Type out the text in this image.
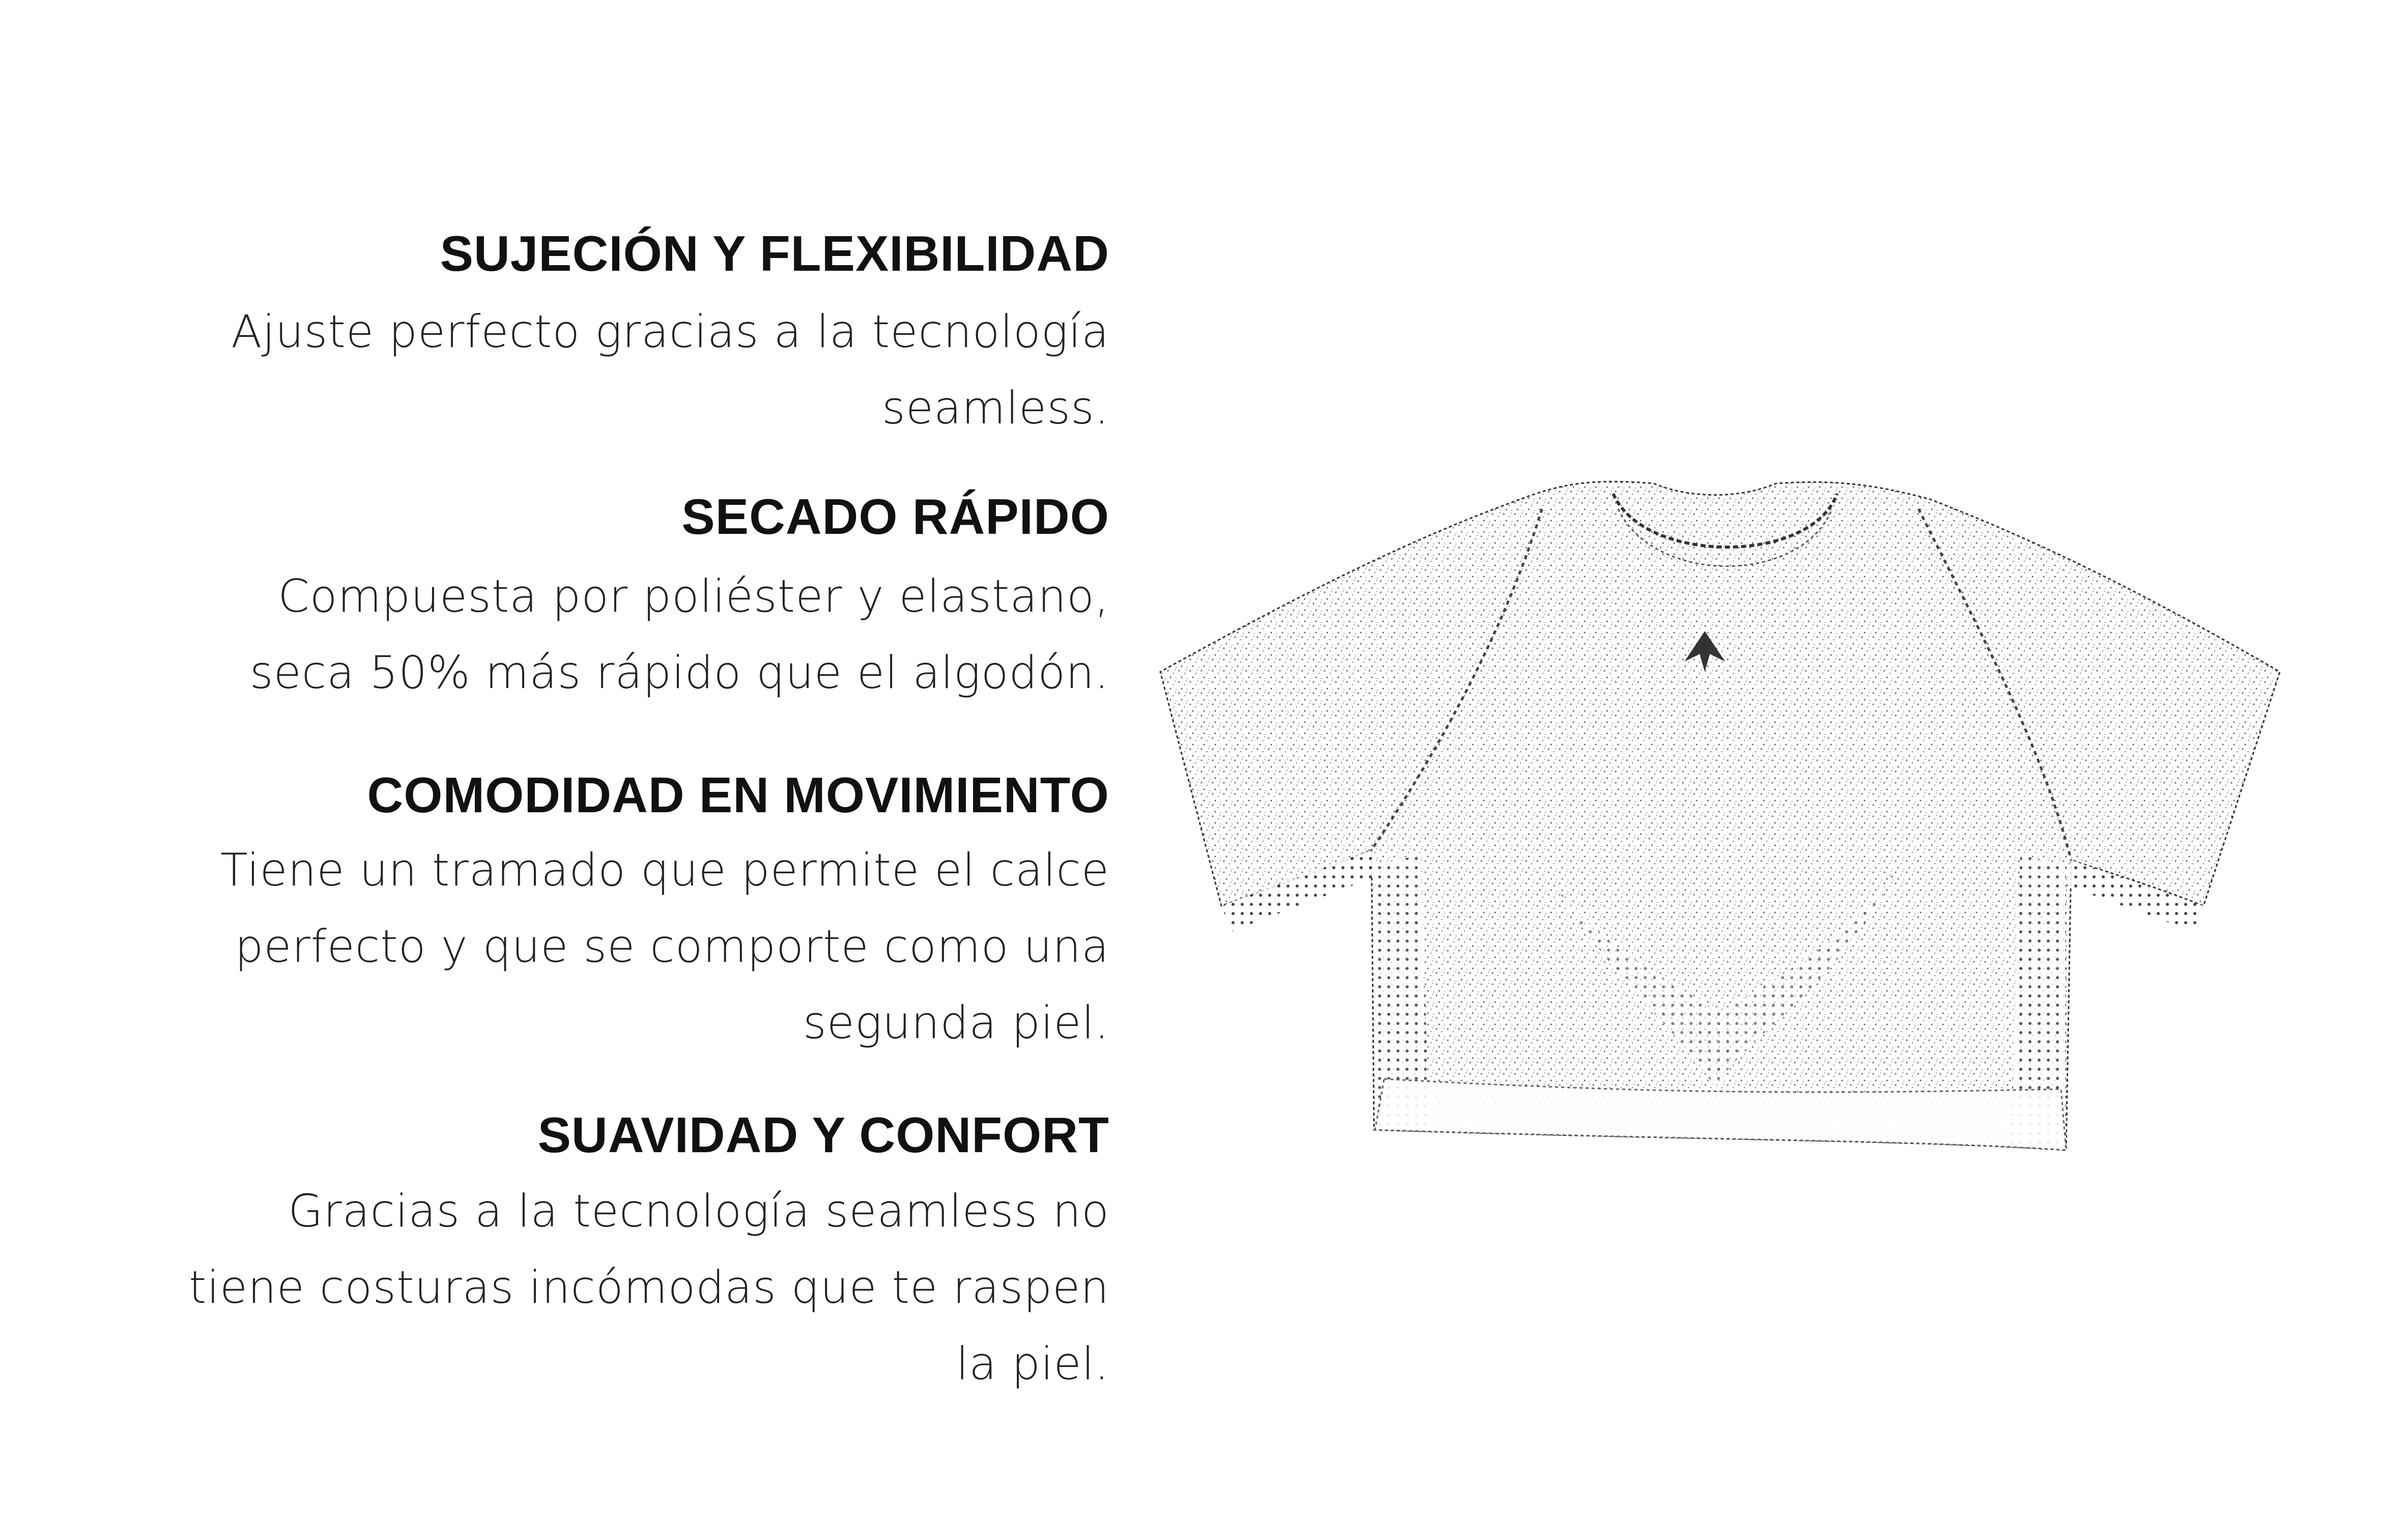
SUJECIÓN Y FLEXIBILIDAD

Ajuste perfecto gracias a la tecnología

seamless.

SECADO RÁPIDO

Compuesta por poliéster y elastano,

seca 50% más rápido que el algodón.

COMODIDAD EN MOVIMIENTO

Tiene un tramado que permite el calce

perfecto y que se comporte como una

segunda piel.

SUAVIDAD Y CONFORT

Gracias a la tecnología seamless no

tiene costuras incómodas que te raspen

la piel.
